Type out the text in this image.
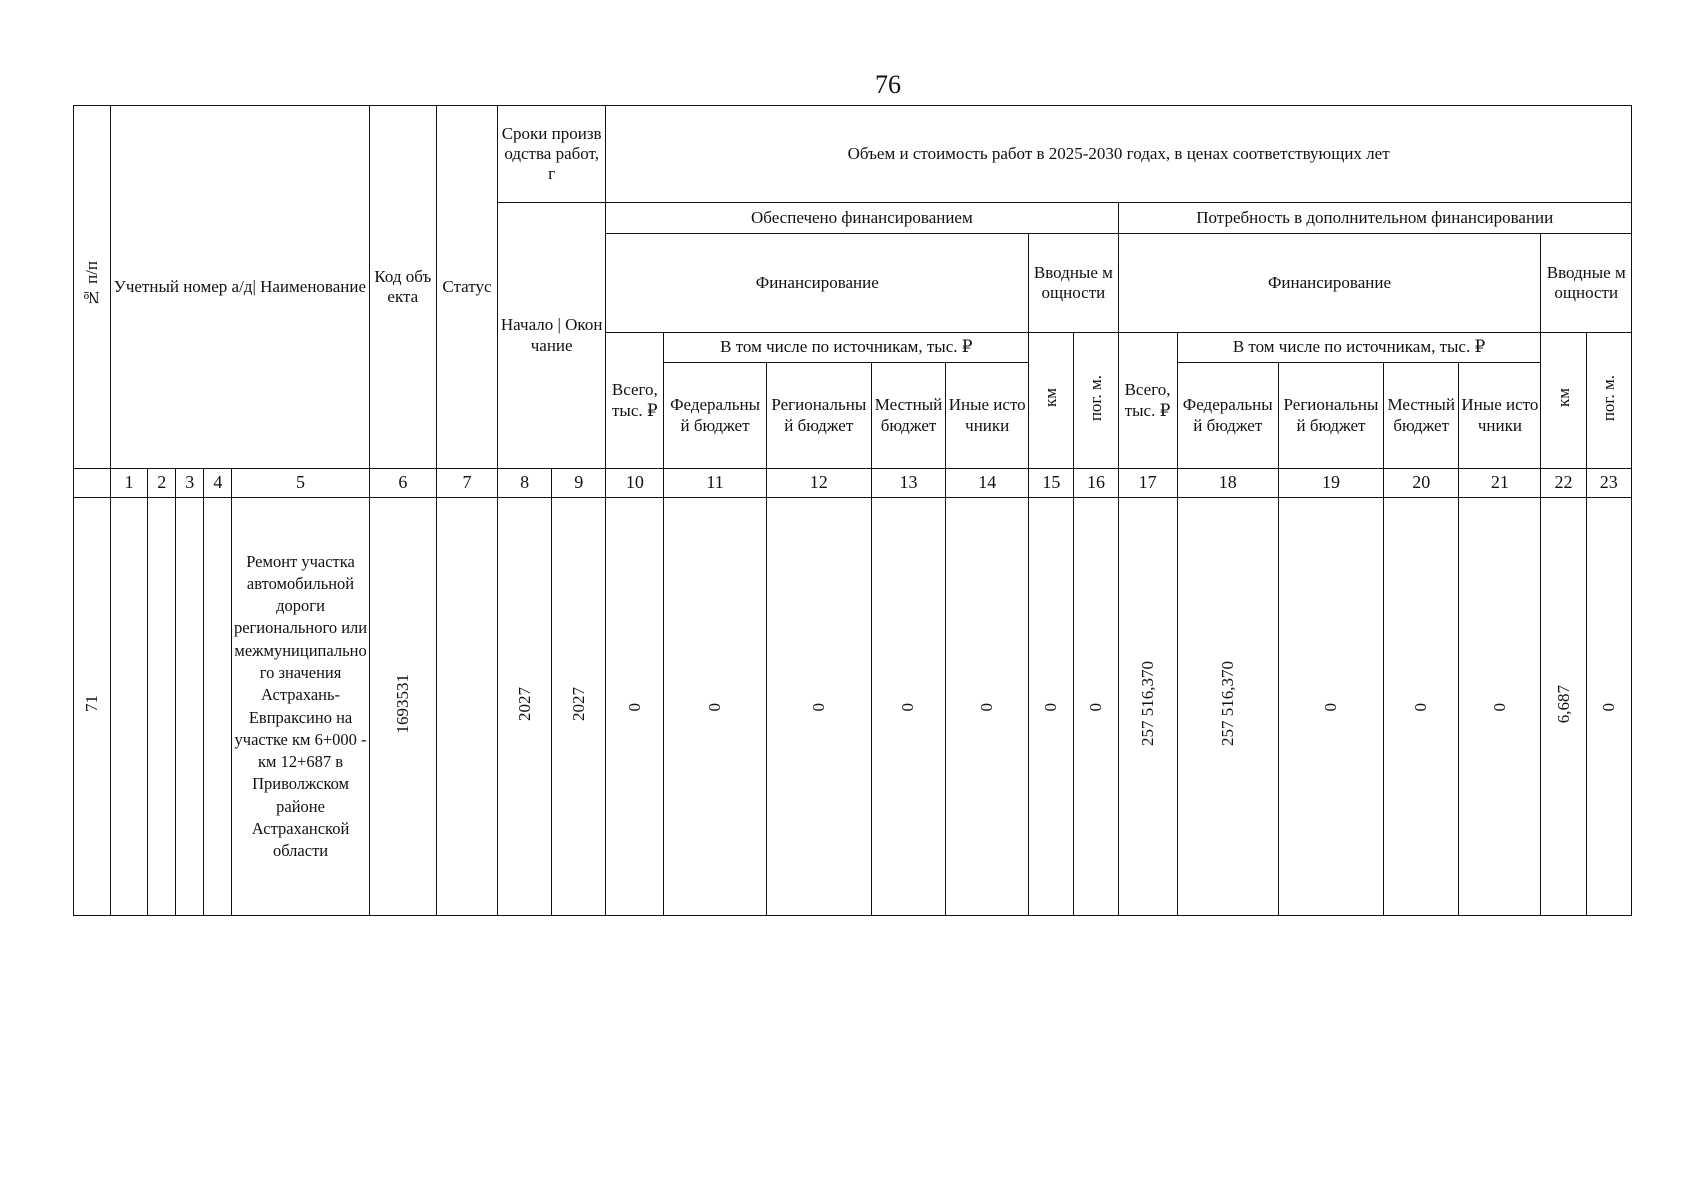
76
№ п/п	Учетный номер а/д| Наименование					Код объекта	Статус	Сроки производства работ, г		Объем и стоимость работ в 2025-2030 годах, в ценах соответствующих лет													
								Начало | Окончание		Обеспечено финансированием							Потребность в дополнительном финансировании						
										Финансирование					Вводные мощности		Финансирование					Вводные мощности	
										Всего, тыс. ₽	В том числе по источникам, тыс. ₽				км	пог. м.	Всего, тыс. ₽	В том числе по источникам, тыс. ₽				км	пог. м.
											Федеральный бюджет	Региональный бюджет	Местный бюджет	Иные источники				Федеральный бюджет	Региональный бюджет	Местный бюджет	Иные источники		
	1	2	3	4	5	6	7	8	9	10	11	12	13	14	15	16	17	18	19	20	21	22	23
71					Ремонт участка автомобильной дороги регионального или межмуниципального значения Астрахань-Евпраксино на участке км 6+000 - км 12+687 в Приволжском районе Астраханской области	1693531		2027	2027	0	0	0	0	0	0	0	257 516,370	257 516,370	0	0	0	6,687	0
